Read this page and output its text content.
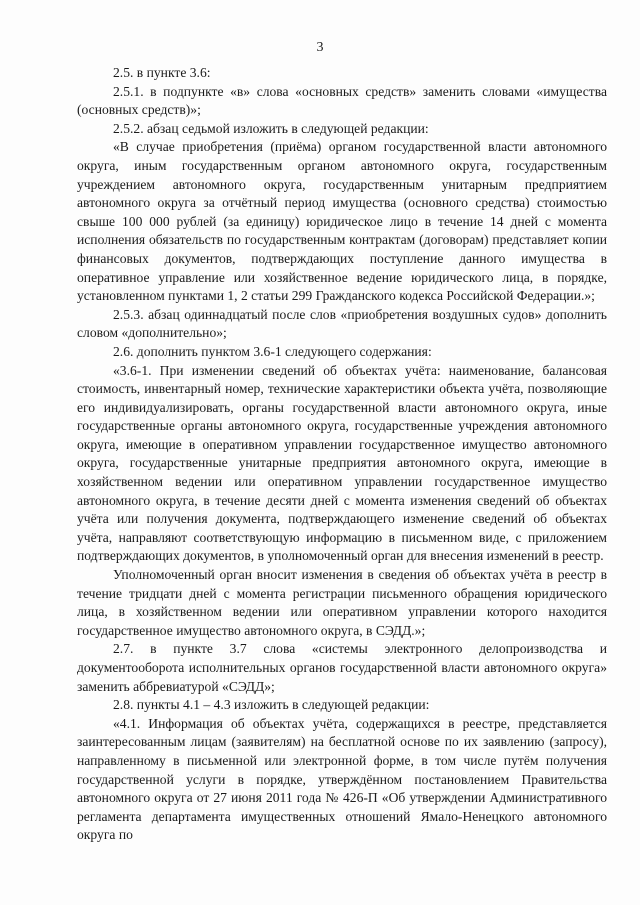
3

2.5. в пункте 3.6:

2.5.1. в подпункте «в» слова «основных средств» заменить словами «имущества (основных средств)»;

2.5.2. абзац седьмой изложить в следующей редакции:

«В случае приобретения (приёма) органом государственной власти автономного округа, иным государственным органом автономного округа, государственным учреждением автономного округа, государственным унитарным предприятием автономного округа за отчётный период имущества (основного средства) стоимостью свыше 100 000 рублей (за единицу) юридическое лицо в течение 14 дней с момента исполнения обязательств по государственным контрактам (договорам) представляет копии финансовых документов, подтверждающих поступление данного имущества в оперативное управление или хозяйственное ведение юридического лица, в порядке, установленном пунктами 1, 2 статьи 299 Гражданского кодекса Российской Федерации.»;

2.5.3. абзац одиннадцатый после слов «приобретения воздушных судов» дополнить словом «дополнительно»;

2.6. дополнить пунктом 3.6-1 следующего содержания:

«3.6-1. При изменении сведений об объектах учёта: наименование, балансовая стоимость, инвентарный номер, технические характеристики объекта учёта, позволяющие его индивидуализировать, органы государственной власти автономного округа, иные государственные органы автономного округа, государственные учреждения автономного округа, имеющие в оперативном управлении государственное имущество автономного округа, государственные унитарные предприятия автономного округа, имеющие в хозяйственном ведении или оперативном управлении государственное имущество автономного округа, в течение десяти дней с момента изменения сведений об объектах учёта или получения документа, подтверждающего изменение сведений об объектах учёта, направляют соответствующую информацию в письменном виде, с приложением подтверждающих документов, в уполномоченный орган для внесения изменений в реестр.

Уполномоченный орган вносит изменения в сведения об объектах учёта в реестр в течение тридцати дней с момента регистрации письменного обращения юридического лица, в хозяйственном ведении или оперативном управлении которого находится государственное имущество автономного округа, в СЭДД.»;

2.7. в пункте 3.7 слова «системы электронного делопроизводства и документооборота исполнительных органов государственной власти автономного округа» заменить аббревиатурой «СЭДД»;

2.8. пункты 4.1 – 4.3 изложить в следующей редакции:

«4.1. Информация об объектах учёта, содержащихся в реестре, представляется заинтересованным лицам (заявителям) на бесплатной основе по их заявлению (запросу), направленному в письменной или электронной форме, в том числе путём получения государственной услуги в порядке, утверждённом постановлением Правительства автономного округа от 27 июня 2011 года № 426-П «Об утверждении Административного регламента департамента имущественных отношений Ямало-Ненецкого автономного округа по
